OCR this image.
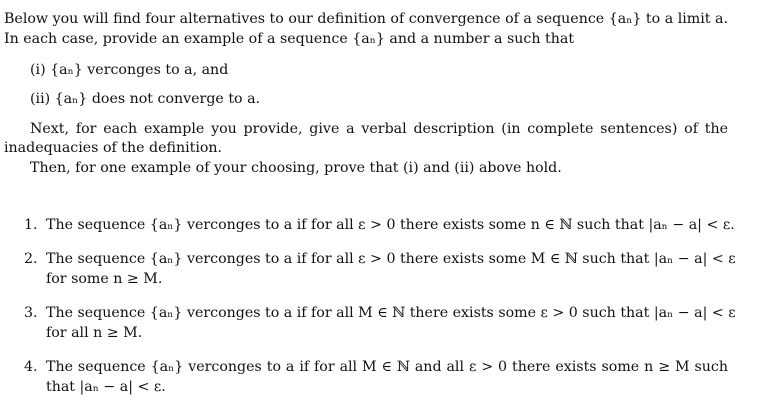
Below you will find four alternatives to our definition of convergence of a sequence {aₙ} to a limit a.
In each case, provide an example of a sequence {aₙ} and a number a such that
(i) {aₙ} verconges to a, and
(ii) {aₙ} does not converge to a.
Next, for each example you provide, give a verbal description (in complete sentences) of the
inadequacies of the definition.
Then, for one example of your choosing, prove that (i) and (ii) above hold.
1. The sequence {aₙ} verconges to a if for all ε > 0 there exists some n ∈ ℕ such that |aₙ − a| < ε.
2. The sequence {aₙ} verconges to a if for all ε > 0 there exists some M ∈ ℕ such that |aₙ − a| < ε
for some n ≥ M.
3. The sequence {aₙ} verconges to a if for all M ∈ ℕ there exists some ε > 0 such that |aₙ − a| < ε
for all n ≥ M.
4. The sequence {aₙ} verconges to a if for all M ∈ ℕ and all ε > 0 there exists some n ≥ M such
that |aₙ − a| < ε.
